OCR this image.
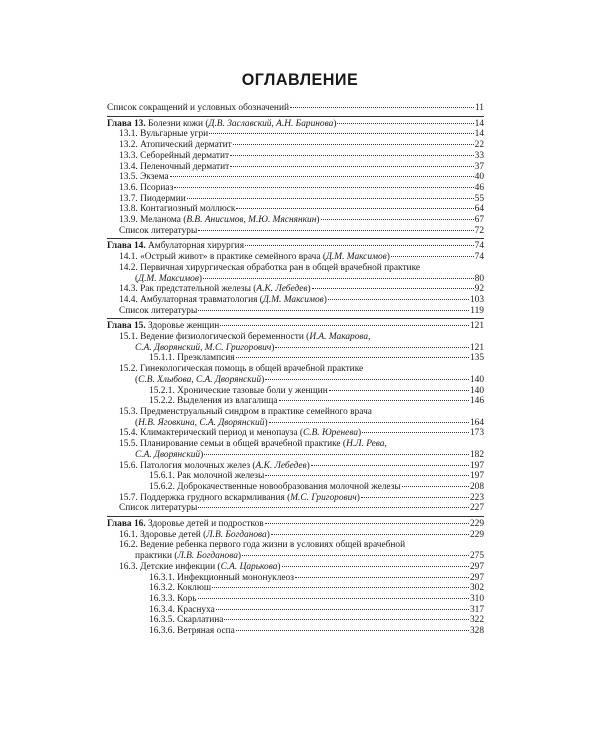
ОГЛАВЛЕНИЕ
Список сокращений и условных обозначений	11
Глава 13. Болезни кожи (Д.В. Заславский, А.Н. Баринова)	14
13.1. Вульгарные угри	14
13.2. Атопический дерматит	22
13.3. Себорейный дерматит	33
13.4. Пеленочный дерматит	37
13.5. Экзема	40
13.6. Псориаз	46
13.7. Пиодермии	55
13.8. Контагиозный моллюск	64
13.9. Меланома (В.В. Анисимов, М.Ю. Мяснянкин)	67
Список литературы	72
Глава 14. Амбулаторная хирургия	74
14.1. «Острый живот» в практике семейного врача (Д.М. Максимов)	74
14.2. Первичная хирургическая обработка ран в общей врачебной практике
(Д.М. Максимов)	80
14.3. Рак предстательной железы (А.К. Лебедев)	92
14.4. Амбулаторная травматология (Д.М. Максимов)	103
Список литературы	119
Глава 15. Здоровье женщин	121
15.1. Ведение физиологической беременности (И.А. Макарова,
С.А. Дворянский, М.С. Григорович)	121
15.1.1. Преэклампсия	135
15.2. Гинекологическая помощь в общей врачебной практике
(С.В. Хлыбова, С.А. Дворянский)	140
15.2.1. Хронические тазовые боли у женщин	140
15.2.2. Выделения из влагалища	146
15.3. Предменструальный синдром в практике семейного врача
(Н.В. Яговкина, С.А. Дворянский)	164
15.4. Климактерический период и менопауза (С.В. Юренева)	173
15.5. Планирование семьи в общей врачебной практике (Н.Л. Рева,
С.А. Дворянский)	182
15.6. Патология молочных желез (А.К. Лебедев)	197
15.6.1. Рак молочной железы	197
15.6.2. Доброкачественные новообразования молочной железы	208
15.7. Поддержка грудного вскармливания (М.С. Григорович)	223
Список литературы	227
Глава 16. Здоровье детей и подростков	229
16.1. Здоровье детей (Л.В. Богданова)	229
16.2. Ведение ребенка первого года жизни в условиях общей врачебной
практики (Л.В. Богданова)	275
16.3. Детские инфекции (С.А. Царькова)	297
16.3.1. Инфекционный мононуклеоз	297
16.3.2. Коклюш	302
16.3.3. Корь	310
16.3.4. Краснуха	317
16.3.5. Скарлатина	322
16.3.6. Ветряная оспа	328
